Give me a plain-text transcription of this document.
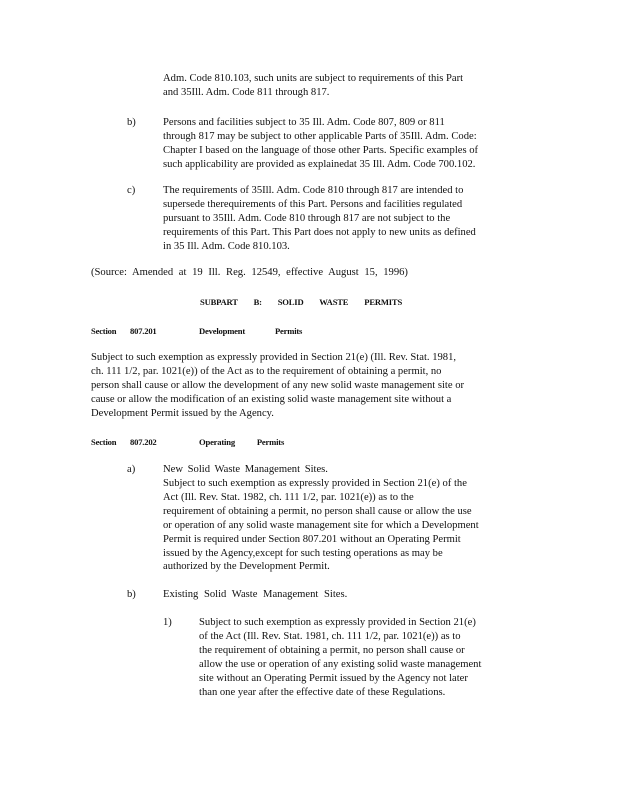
Adm. Code 810.103, such units are subject to requirements of this Part
and 35Ill. Adm. Code 811 through 817.
b)	Persons and facilities subject to 35 Ill. Adm. Code 807, 809 or 811
through 817 may be subject to other applicable Parts of 35Ill. Adm. Code:
Chapter I based on the language of those other Parts. Specific examples of
such applicability are provided as explainedat 35 Ill. Adm. Code 700.102.
c)	The requirements of 35Ill. Adm. Code 810 through 817 are intended to
supersede therequirements of this Part. Persons and facilities regulated
pursuant to 35Ill. Adm. Code 810 through 817 are not subject to the
requirements of this Part. This Part does not apply to new units as defined
in 35 Ill. Adm. Code 810.103.
(Source: Amended at 19 Ill. Reg. 12549, effective August 15, 1996)
SUBPART B: SOLID WASTE PERMITS
Section 807.201	Development Permits
Subject to such exemption as expressly provided in Section 21(e) (Ill. Rev. Stat. 1981,
ch. 111 1/2, par. 1021(e)) of the Act as to the requirement of obtaining a permit, no
person shall cause or allow the development of any new solid waste management site or
cause or allow the modification of an existing solid waste management site without a
Development Permit issued by the Agency.
Section 807.202	Operating Permits
a)	New Solid Waste Management Sites.
Subject to such exemption as expressly provided in Section 21(e) of the
Act (Ill. Rev. Stat. 1982, ch. 111 1/2, par. 1021(e)) as to the
requirement of obtaining a permit, no person shall cause or allow the use
or operation of any solid waste management site for which a Development
Permit is required under Section 807.201 without an Operating Permit
issued by the Agency,except for such testing operations as may be
authorized by the Development Permit.
b)	Existing Solid Waste Management Sites.
1)	Subject to such exemption as expressly provided in Section 21(e)
of the Act (Ill. Rev. Stat. 1981, ch. 111 1/2, par. 1021(e)) as to
the requirement of obtaining a permit, no person shall cause or
allow the use or operation of any existing solid waste management
site without an Operating Permit issued by the Agency not later
than one year after the effective date of these Regulations.
